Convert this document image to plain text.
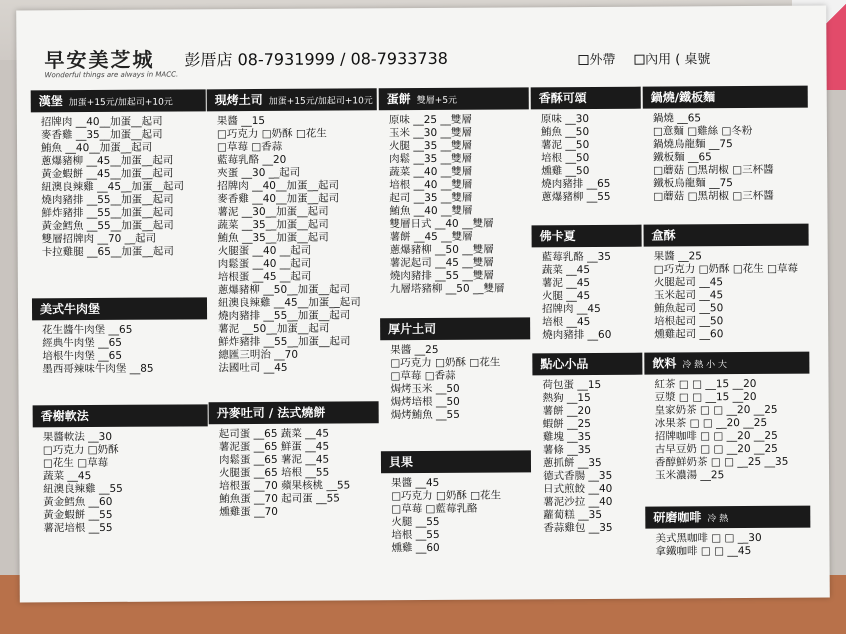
早安美芝城
Wonderful things are always in MACC.
彭厝店 08-7931999 / 08-7933738	外帶 內用 ( 桌號
漢堡 加蛋+15元/加起司+10元
招牌肉 __40__加蛋__起司
麥香雞 __35__加蛋__起司
鮪魚 __40__加蛋__起司
蔥爆豬柳 __45__加蛋__起司
黃金蝦餅 __45__加蛋__起司
紐澳良辣雞 __45__加蛋__起司
燒肉豬排 __55__加蛋__起司
鮮炸豬排 __55__加蛋__起司
黃金鱈魚 __55__加蛋__起司
雙層招牌肉 __70 __起司
卡拉雞腿 __65__加蛋__起司
美式牛肉堡
花生醬牛肉堡 __65
經典牛肉堡 __65
培根牛肉堡 __65
墨西哥辣味牛肉堡 __85
香榭軟法
果醬軟法 __30
□巧克力 □奶酥
□花生 □草莓
蔬菜 __45
紐澳良辣雞 __55
黃金鱈魚 __60
黃金蝦餅 __55
薯泥培根 __55
現烤土司 加蛋+15元/加起司+10元
果醬 __15
□巧克力 □奶酥 □花生
□草莓 □香蒜
藍莓乳酪 __20
夾蛋 __30 __起司
招牌肉 __40__加蛋__起司
麥香雞 __40__加蛋__起司
薯泥 __30__加蛋__起司
蔬菜 __35__加蛋__起司
鮪魚 __35__加蛋__起司
火腿蛋 __40 __起司
肉鬆蛋 __40 __起司
培根蛋 __45 __起司
蔥爆豬柳 __50__加蛋__起司
紐澳良辣雞 __45__加蛋__起司
燒肉豬排 __55__加蛋__起司
薯泥 __50__加蛋__起司
鮮炸豬排 __55__加蛋__起司
總匯三明治 __70
法國吐司 __45
丹麥吐司 / 法式燒餅
起司蛋 __65 蔬菜 __45
薯泥蛋 __65 鮮蛋 __45
肉鬆蛋 __65 薯泥 __45
火腿蛋 __65 培根 __55
培根蛋 __70 蘋果核桃 __55
鮪魚蛋 __70 起司蛋 __55
燻雞蛋 __70
蛋餅 雙層+5元
原味 __25 __雙層
玉米 __30 __雙層
火腿 __35 __雙層
肉鬆 __35 __雙層
蔬菜 __40 __雙層
培根 __40 __雙層
起司 __35 __雙層
鮪魚 __40 __雙層
雙層日式 __40 __雙層
薯餅 __45 __雙層
蔥爆豬柳 __50 __雙層
薯泥起司 __45 __雙層
燒肉豬排 __55 __雙層
九層塔豬柳 __50 __雙層
厚片土司
果醬 __25
□巧克力 □奶酥 □花生
□草莓 □香蒜
焗烤玉米 __50
焗烤培根 __50
焗烤鮪魚 __55
貝果
果醬 __45
□巧克力 □奶酥 □花生
□草莓 □藍莓乳酪
火腿 __55
培根 __55
燻雞 __60
香酥可頌
原味 __30
鮪魚 __50
薯泥 __50
培根 __50
燻雞 __50
燒肉豬排 __65
蔥爆豬柳 __55
佛卡夏
藍莓乳酪 __35
蔬菜 __45
薯泥 __45
火腿 __45
招牌肉 __45
培根 __45
燒肉豬排 __60
點心小品
荷包蛋 __15
熱狗 __15
薯餅 __20
蝦餅 __25
雞塊 __35
薯條 __35
蔥抓餅 __35
德式香腸 __35
日式煎餃 __40
薯泥沙拉 __40
蘿蔔糕 __35
香蒜雞包 __35
鍋燒/鐵板麵
鍋燒 __65
□意麵 □雞絲 □冬粉
鍋燒烏龍麵 __75
鐵板麵 __65
□蘑菇 □黑胡椒 □三杯醬
鐵板烏龍麵 __75
□蘑菇 □黑胡椒 □三杯醬
盒酥
果醬 __25
□巧克力 □奶酥 □花生 □草莓
火腿起司 __45
玉米起司 __45
鮪魚起司 __50
培根起司 __50
燻雞起司 __60
飲料 冷 熱 小 大
紅茶 □ □ __15 __20
豆漿 □ □ __15 __20
皇家奶茶 □ □ __20 __25
冰果茶 □ □ __20 __25
招牌咖啡 □ □ __20 __25
古早豆奶 □ □ __20 __25
香醇鮮奶茶 □ □ __25 __35
玉米濃湯 __25
研磨咖啡 冷 熱
美式黑咖啡 □ □ __30
拿鐵咖啡 □ □ __45
